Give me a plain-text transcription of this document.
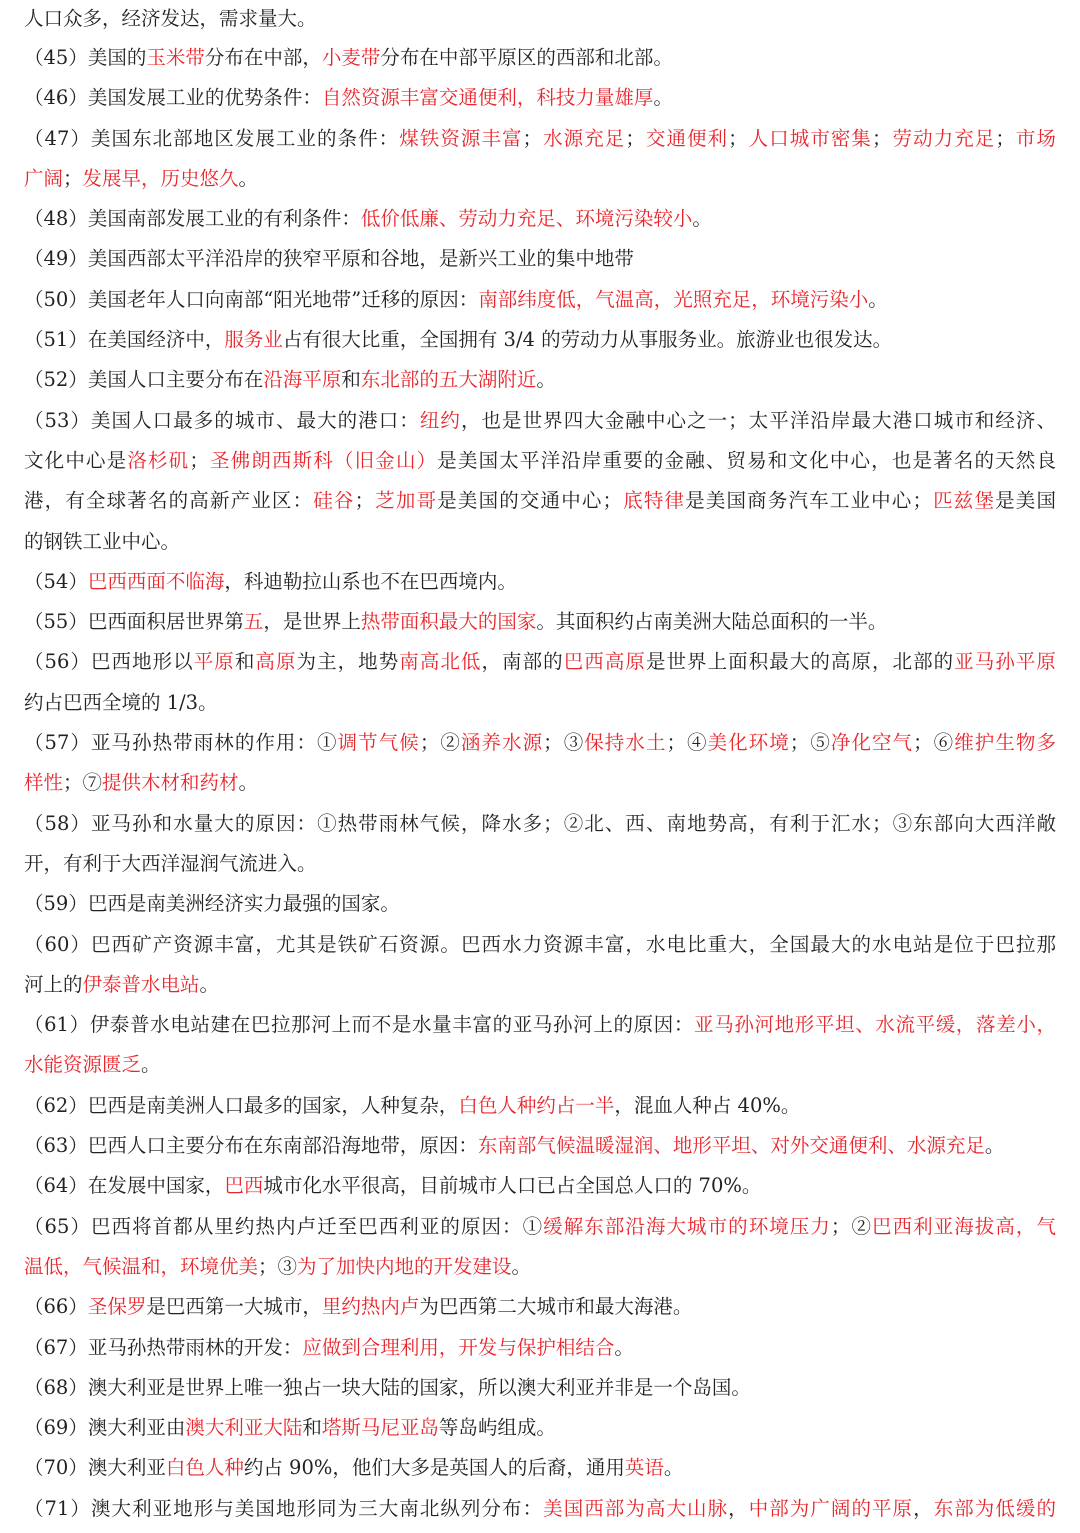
人口众多，经济发达，需求量大。
（45）美国的玉米带分布在中部，小麦带分布在中部平原区的西部和北部。
（46）美国发展工业的优势条件：自然资源丰富交通便利，科技力量雄厚。
（47）美国东北部地区发展工业的条件：煤铁资源丰富；水源充足；交通便利；人口城市密集；劳动力充足；市场
广阔；发展早，历史悠久。
（48）美国南部发展工业的有利条件：低价低廉、劳动力充足、环境污染较小。
（49）美国西部太平洋沿岸的狭窄平原和谷地，是新兴工业的集中地带
（50）美国老年人口向南部“阳光地带”迁移的原因：南部纬度低，气温高，光照充足，环境污染小。
（51）在美国经济中，服务业占有很大比重，全国拥有 3/4 的劳动力从事服务业。旅游业也很发达。
（52）美国人口主要分布在沿海平原和东北部的五大湖附近。
（53）美国人口最多的城市、最大的港口：纽约，也是世界四大金融中心之一；太平洋沿岸最大港口城市和经济、
文化中心是洛杉矶；圣佛朗西斯科（旧金山）是美国太平洋沿岸重要的金融、贸易和文化中心，也是著名的天然良
港，有全球著名的高新产业区：硅谷；芝加哥是美国的交通中心；底特律是美国商务汽车工业中心；匹兹堡是美国
的钢铁工业中心。
（54）巴西西面不临海，科迪勒拉山系也不在巴西境内。
（55）巴西面积居世界第五，是世界上热带面积最大的国家。其面积约占南美洲大陆总面积的一半。
（56）巴西地形以平原和高原为主，地势南高北低，南部的巴西高原是世界上面积最大的高原，北部的亚马孙平原
约占巴西全境的 1/3。
（57）亚马孙热带雨林的作用：①调节气候；②涵养水源；③保持水土；④美化环境；⑤净化空气；⑥维护生物多
样性；⑦提供木材和药材。
（58）亚马孙和水量大的原因：①热带雨林气候，降水多；②北、西、南地势高，有利于汇水；③东部向大西洋敞
开，有利于大西洋湿润气流进入。
（59）巴西是南美洲经济实力最强的国家。
（60）巴西矿产资源丰富，尤其是铁矿石资源。巴西水力资源丰富，水电比重大，全国最大的水电站是位于巴拉那
河上的伊泰普水电站。
（61）伊泰普水电站建在巴拉那河上而不是水量丰富的亚马孙河上的原因：亚马孙河地形平坦、水流平缓，落差小，
水能资源匮乏。
（62）巴西是南美洲人口最多的国家，人种复杂，白色人种约占一半，混血人种占 40%。
（63）巴西人口主要分布在东南部沿海地带，原因：东南部气候温暖湿润、地形平坦、对外交通便利、水源充足。
（64）在发展中国家，巴西城市化水平很高，目前城市人口已占全国总人口的 70%。
（65）巴西将首都从里约热内卢迁至巴西利亚的原因：①缓解东部沿海大城市的环境压力；②巴西利亚海拔高，气
温低，气候温和，环境优美；③为了加快内地的开发建设。
（66）圣保罗是巴西第一大城市，里约热内卢为巴西第二大城市和最大海港。
（67）亚马孙热带雨林的开发：应做到合理利用，开发与保护相结合。
（68）澳大利亚是世界上唯一独占一块大陆的国家，所以澳大利亚并非是一个岛国。
（69）澳大利亚由澳大利亚大陆和塔斯马尼亚岛等岛屿组成。
（70）澳大利亚白色人种约占 90%，他们大多是英国人的后裔，通用英语。
（71）澳大利亚地形与美国地形同为三大南北纵列分布：美国西部为高大山脉，中部为广阔的平原，东部为低缓的
